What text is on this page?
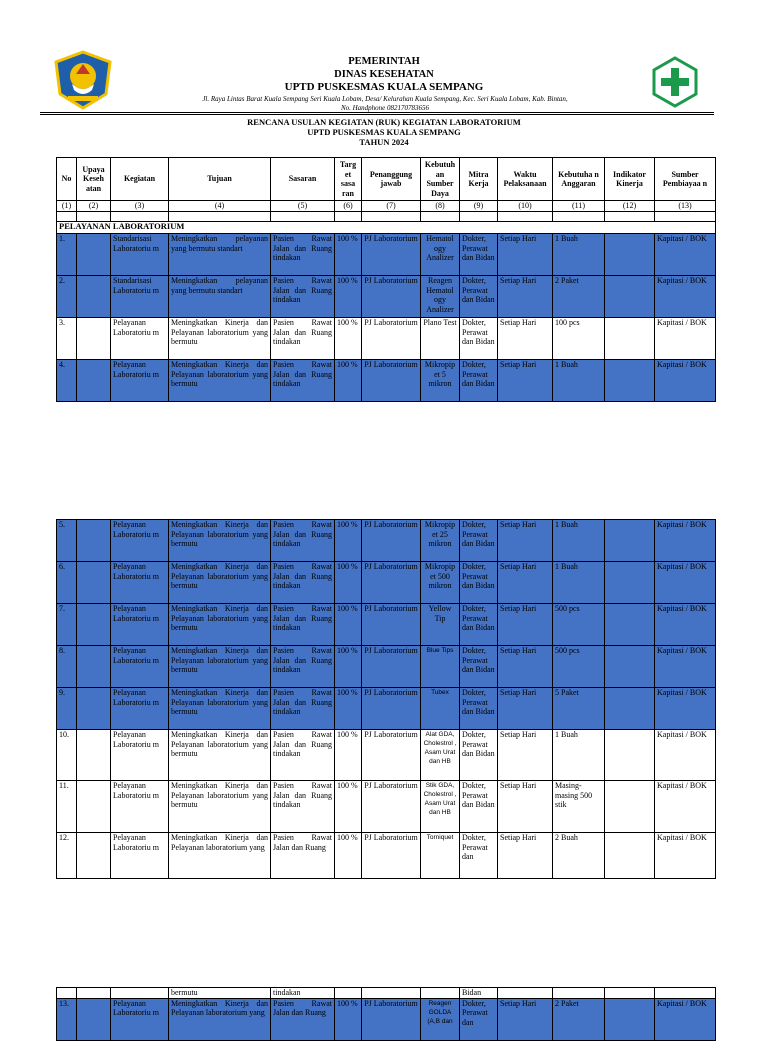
PEMERINTAH
DINAS KESEHATAN
UPTD PUSKESMAS KUALA SEMPANG
Jl. Raya Lintas Barat Kuala Sempang Seri Kuala Lobam, Desa/ Kelurahan Kuala Sempang, Kec. Seri Kuala Lobam, Kab. Bintan,
No. Handphone 082170783656
RENCANA USULAN KEGIATAN (RUK) KEGIATAN LABORATORIUM
UPTD PUSKESMAS KUALA SEMPANG
TAHUN 2024
No	Upaya Keseh atan	Kegiatan	Tujuan	Sasaran	Targ et sasa ran	Penanggung jawab	Kebutuh an Sumber Daya	Mitra Kerja	Waktu Pelaksanaan	Kebutuha n Anggaran	Indikator Kinerja	Sumber Pembiayaa n
(1)	(2)	(3)	(4)	(5)	(6)	(7)	(8)	(9)	(10)	(11)	(12)	(13)

PELAYANAN LABORATORIUM												
1.		Standarisasi Laboratoriu m	Meningkatkan pelayanan yang bermutu standart	Pasien Rawat Jalan dan Ruang tindakan	100 %	PJ Laboratorium	Hematol ogy Analizer	Dokter, Perawat dan Bidan	Setiap Hari	1 Buah		Kapitasi / BOK
2.		Standarisasi Laboratoriu m	Meningkatkan pelayanan yang bermutu standart	Pasien Rawat Jalan dan Ruang tindakan	100 %	PJ Laboratorium	Reagen Hematol ogy Analizer	Dokter, Perawat dan Bidan	Setiap Hari	2 Paket		Kapitasi / BOK
3.		Pelayanan Laboratoriu m	Meningkatkan Kinerja dan Pelayanan laboratorium yang bermutu	Pasien Rawat Jalan dan Ruang tindakan	100 %	PJ Laboratorium	Plano Test	Dokter, Perawat dan Bidan	Setiap Hari	100 pcs		Kapitasi / BOK
4.		Pelayanan Laboratoriu m	Meningkatkan Kinerja dan Pelayanan laboratorium yang bermutu	Pasien Rawat Jalan dan Ruang tindakan	100 %	PJ Laboratorium	Mikropip et 5 mikron	Dokter, Perawat dan Bidan	Setiap Hari	1 Buah		Kapitasi / BOK
5.		Pelayanan Laboratoriu m	Meningkatkan Kinerja dan Pelayanan laboratorium yang bermutu	Pasien Rawat Jalan dan Ruang tindakan	100 %	PJ Laboratorium	Mikropip et 25 mikron	Dokter, Perawat dan Bidan	Setiap Hari	1 Buah		Kapitasi / BOK
6.		Pelayanan Laboratoriu m	Meningkatkan Kinerja dan Pelayanan laboratorium yang bermutu	Pasien Rawat Jalan dan Ruang tindakan	100 %	PJ Laboratorium	Mikropip et 500 mikron	Dokter, Perawat dan Bidan	Setiap Hari	1 Buah		Kapitasi / BOK
7.		Pelayanan Laboratoriu m	Meningkatkan Kinerja dan Pelayanan laboratorium yang bermutu	Pasien Rawat Jalan dan Ruang tindakan	100 %	PJ Laboratorium	Yellow Tip	Dokter, Perawat dan Bidan	Setiap Hari	500 pcs		Kapitasi / BOK
8.		Pelayanan Laboratoriu m	Meningkatkan Kinerja dan Pelayanan laboratorium yang bermutu	Pasien Rawat Jalan dan Ruang tindakan	100 %	PJ Laboratorium	Blue Tips	Dokter, Perawat dan Bidan	Setiap Hari	500 pcs		Kapitasi / BOK
9.		Pelayanan Laboratoriu m	Meningkatkan Kinerja dan Pelayanan laboratorium yang bermutu	Pasien Rawat Jalan dan Ruang tindakan	100 %	PJ Laboratorium	Tubex	Dokter, Perawat dan Bidan	Setiap Hari	5 Paket		Kapitasi / BOK
10.		Pelayanan Laboratoriu m	Meningkatkan Kinerja dan Pelayanan laboratorium yang bermutu	Pasien Rawat Jalan dan Ruang tindakan	100 %	PJ Laboratorium	Alat GDA, Cholestrol , Asam Urat dan HB	Dokter, Perawat dan Bidan	Setiap Hari	1 Buah		Kapitasi / BOK
11.		Pelayanan Laboratoriu m	Meningkatkan Kinerja dan Pelayanan laboratorium yang bermutu	Pasien Rawat Jalan dan Ruang tindakan	100 %	PJ Laboratorium	Stik GDA, Cholestrol , Asam Urat dan HB	Dokter, Perawat dan Bidan	Setiap Hari	Masing- masing 500 stik		Kapitasi / BOK
12.		Pelayanan Laboratoriu m	Meningkatkan Kinerja dan Pelayanan laboratorium yang	Pasien Rawat Jalan dan Ruang	100 %	PJ Laboratorium	Torniquet	Dokter, Perawat dan	Setiap Hari	2 Buah		Kapitasi / BOK
			bermutu	tindakan				Bidan				
13.		Pelayanan Laboratoriu m	Meningkatkan Kinerja dan Pelayanan laboratorium yang	Pasien Rawat Jalan dan Ruang	100 %	PJ Laboratorium	Reagen GOLDA (A,B dan	Dokter, Perawat dan	Setiap Hari	2 Paket		Kapitasi / BOK
